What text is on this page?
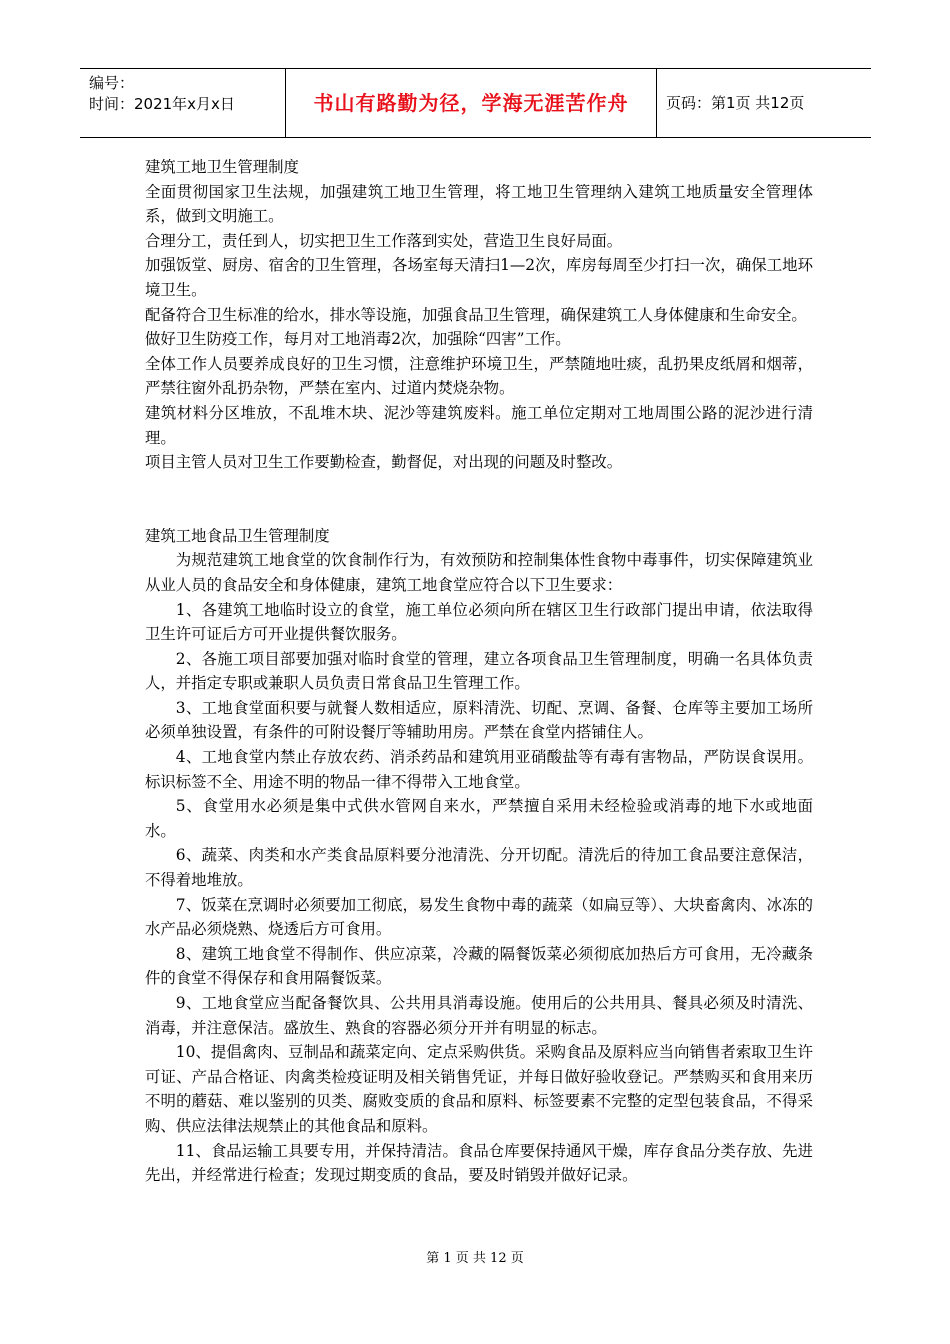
编号：
时间：2021年x月x日	书山有路勤为径，学海无涯苦作舟	页码：第1页 共12页

建筑工地卫生管理制度

全面贯彻国家卫生法规，加强建筑工地卫生管理，将工地卫生管理纳入建筑工地质量安全管理体系，做到文明施工。

合理分工，责任到人，切实把卫生工作落到实处，营造卫生良好局面。

加强饭堂、厨房、宿舍的卫生管理，各场室每天清扫1—2次，库房每周至少打扫一次，确保工地环境卫生。

配备符合卫生标准的给水，排水等设施，加强食品卫生管理，确保建筑工人身体健康和生命安全。

做好卫生防疫工作，每月对工地消毒2次，加强除“四害”工作。

全体工作人员要养成良好的卫生习惯，注意维护环境卫生，严禁随地吐痰，乱扔果皮纸屑和烟蒂，严禁往窗外乱扔杂物，严禁在室内、过道内焚烧杂物。

建筑材料分区堆放，不乱堆木块、泥沙等建筑废料。施工单位定期对工地周围公路的泥沙进行清理。

项目主管人员对卫生工作要勤检查，勤督促，对出现的问题及时整改。

建筑工地食品卫生管理制度

为规范建筑工地食堂的饮食制作行为，有效预防和控制集体性食物中毒事件，切实保障建筑业从业人员的食品安全和身体健康，建筑工地食堂应符合以下卫生要求：

1、各建筑工地临时设立的食堂，施工单位必须向所在辖区卫生行政部门提出申请，依法取得卫生许可证后方可开业提供餐饮服务。

2、各施工项目部要加强对临时食堂的管理，建立各项食品卫生管理制度，明确一名具体负责人，并指定专职或兼职人员负责日常食品卫生管理工作。

3、工地食堂面积要与就餐人数相适应，原料清洗、切配、烹调、备餐、仓库等主要加工场所必须单独设置，有条件的可附设餐厅等辅助用房。严禁在食堂内搭铺住人。

4、工地食堂内禁止存放农药、消杀药品和建筑用亚硝酸盐等有毒有害物品，严防误食误用。标识标签不全、用途不明的物品一律不得带入工地食堂。

5、食堂用水必须是集中式供水管网自来水，严禁擅自采用未经检验或消毒的地下水或地面水。

6、蔬菜、肉类和水产类食品原料要分池清洗、分开切配。清洗后的待加工食品要注意保洁，不得着地堆放。

7、饭菜在烹调时必须要加工彻底，易发生食物中毒的蔬菜（如扁豆等）、大块畜禽肉、冰冻的水产品必须烧熟、烧透后方可食用。

8、建筑工地食堂不得制作、供应凉菜，冷藏的隔餐饭菜必须彻底加热后方可食用，无冷藏条件的食堂不得保存和食用隔餐饭菜。

9、工地食堂应当配备餐饮具、公共用具消毒设施。使用后的公共用具、餐具必须及时清洗、消毒，并注意保洁。盛放生、熟食的容器必须分开并有明显的标志。

10、提倡禽肉、豆制品和蔬菜定向、定点采购供货。采购食品及原料应当向销售者索取卫生许可证、产品合格证、肉禽类检疫证明及相关销售凭证，并每日做好验收登记。严禁购买和食用来历不明的蘑菇、难以鉴别的贝类、腐败变质的食品和原料、标签要素不完整的定型包装食品，不得采购、供应法律法规禁止的其他食品和原料。

11、食品运输工具要专用，并保持清洁。食品仓库要保持通风干燥，库存食品分类存放、先进先出，并经常进行检查；发现过期变质的食品，要及时销毁并做好记录。

第 1 页 共 12 页
